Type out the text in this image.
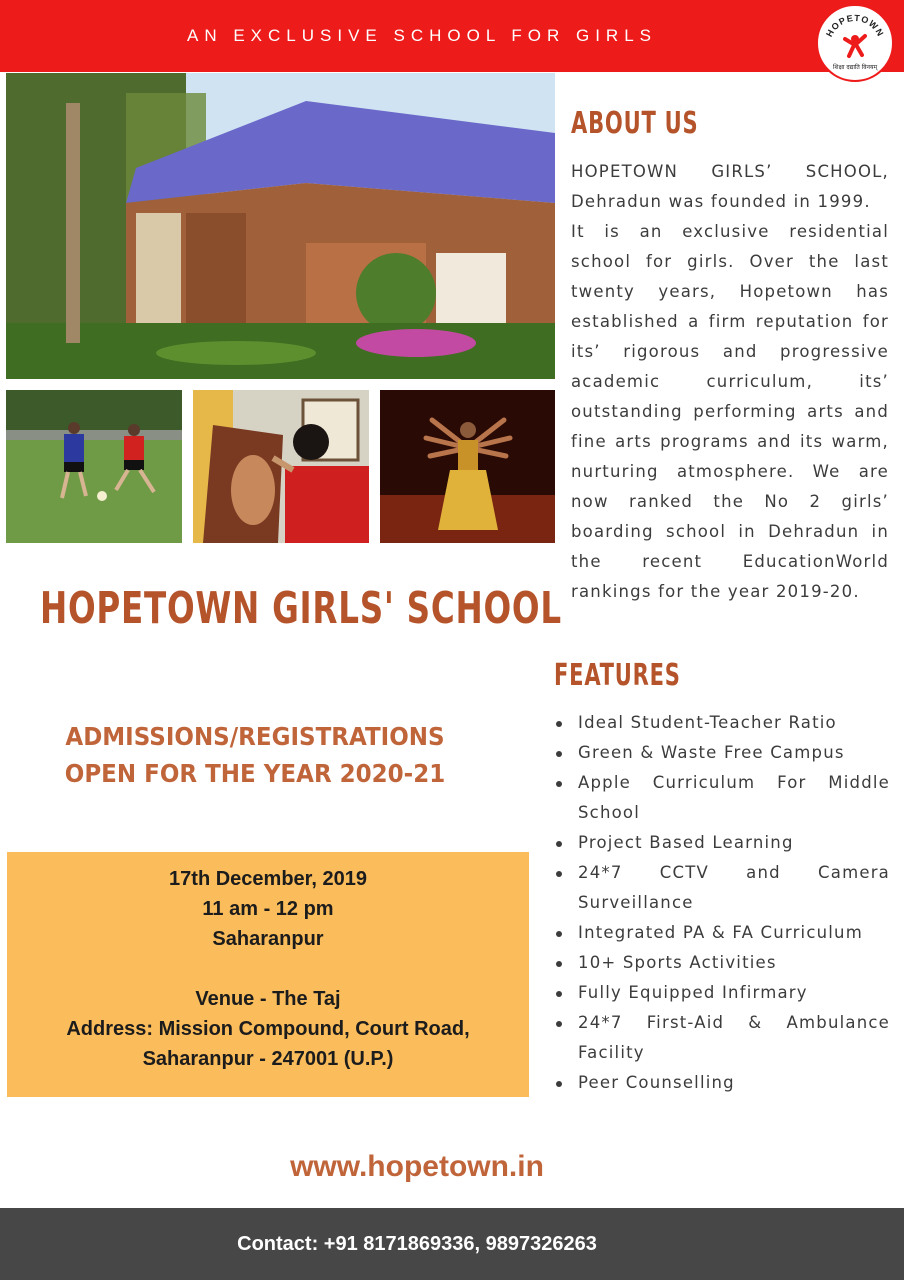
AN EXCLUSIVE SCHOOL FOR GIRLS	HOPETOWN
शिक्षा दद्याति विनयम्
ABOUT US

HOPETOWN GIRLS’ SCHOOL, Dehradun was founded in 1999.

It is an exclusive residential school for girls. Over the last twenty years, Hopetown has established a firm reputation for its’ rigorous and progressive academic curriculum, its’ outstanding performing arts and fine arts programs and its warm, nurturing atmosphere. We are now ranked the No 2 girls’ boarding school in Dehradun in the recent EducationWorld rankings for the year 2019-20.

HOPETOWN GIRLS' SCHOOL
ADMISSIONS/REGISTRATIONS
OPEN FOR THE YEAR 2020-21
17th December, 2019
11 am - 12 pm
Saharanpur
Venue - The Taj
Address: Mission Compound, Court Road,
Saharanpur - 247001 (U.P.)
FEATURES
Ideal Student-Teacher Ratio
Green & Waste Free Campus
Apple Curriculum For Middle School
Project Based Learning
24*7 CCTV and Camera Surveillance
Integrated PA & FA Curriculum
10+ Sports Activities
Fully Equipped Infirmary
24*7 First-Aid & Ambulance Facility
Peer Counselling
www.hopetown.in
Contact: +91 8171869336, 9897326263
